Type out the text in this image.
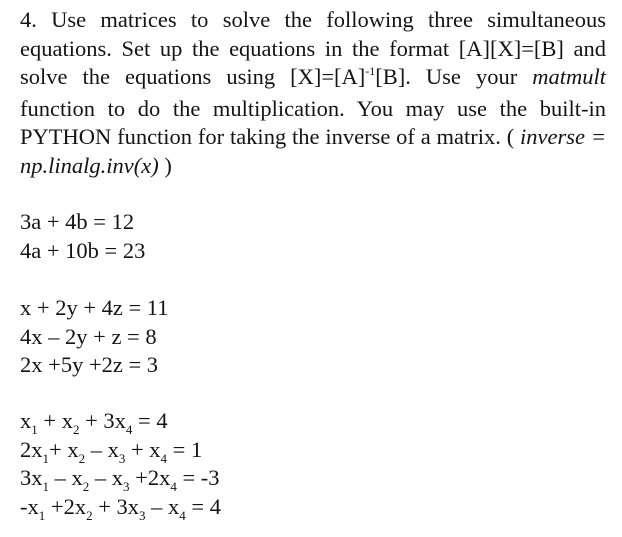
4. Use matrices to solve the following three simultaneous equations. Set up the equations in the format [A][X]=[B] and solve the equations using $[X]=[A]^{-1}[B]$. Use your matmult function to do the multiplication. You may use the built-in PYTHON function for taking the inverse of a matrix. ( inverse = np.linalg.inv(x) )
3a + 4b = 12
4a + 10b = 23
x + 2y + 4z = 11
4x – 2y + z = 8
2x +5y +2z = 3
$x_1 + x_2 + 3x_4 = 4$
$2x_1+ x_2 - x_3 + x_4 = 1$
$3x_1 - x_2 - x_3 +2x_4 = -3$
$-x_1 +2x_2 + 3x_3 - x_4 = 4$
